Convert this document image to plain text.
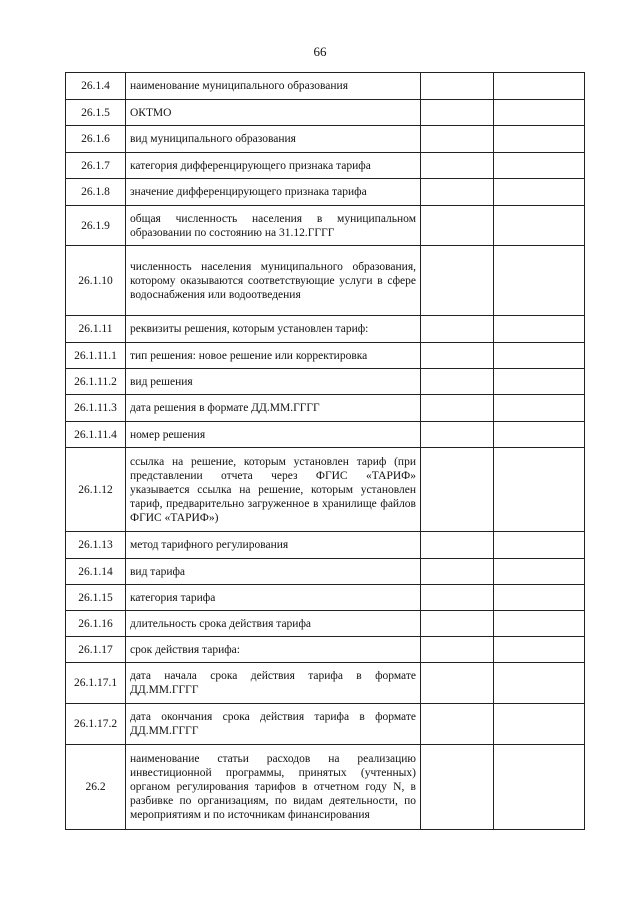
66
26.1.4	наименование муниципального образования		
26.1.5	ОКТМО		
26.1.6	вид муниципального образования		
26.1.7	категория дифференцирующего признака тарифа		
26.1.8	значение дифференцирующего признака тарифа		
26.1.9	общая численность населения в муниципальном образовании по состоянию на 31.12.ГГГГ		
26.1.10	численность населения муниципального образования, которому оказываются соответствующие услуги в сфере водоснабжения или водоотведения		
26.1.11	реквизиты решения, которым установлен тариф:		
26.1.11.1	тип решения: новое решение или корректировка		
26.1.11.2	вид решения		
26.1.11.3	дата решения в формате ДД.ММ.ГГГГ		
26.1.11.4	номер решения		
26.1.12	ссылка на решение, которым установлен тариф (при представлении отчета через ФГИС «ТАРИФ» указывается ссылка на решение, которым установлен тариф, предварительно загруженное в хранилище файлов ФГИС «ТАРИФ»)		
26.1.13	метод тарифного регулирования		
26.1.14	вид тарифа		
26.1.15	категория тарифа		
26.1.16	длительность срока действия тарифа		
26.1.17	срок действия тарифа:		
26.1.17.1	дата начала срока действия тарифа в формате ДД.ММ.ГГГГ		
26.1.17.2	дата окончания срока действия тарифа в формате ДД.ММ.ГГГГ		
26.2	наименование статьи расходов на реализацию инвестиционной программы, принятых (учтенных) органом регулирования тарифов в отчетном году N, в разбивке по организациям, по видам деятельности, по мероприятиям и по источникам финансирования		
